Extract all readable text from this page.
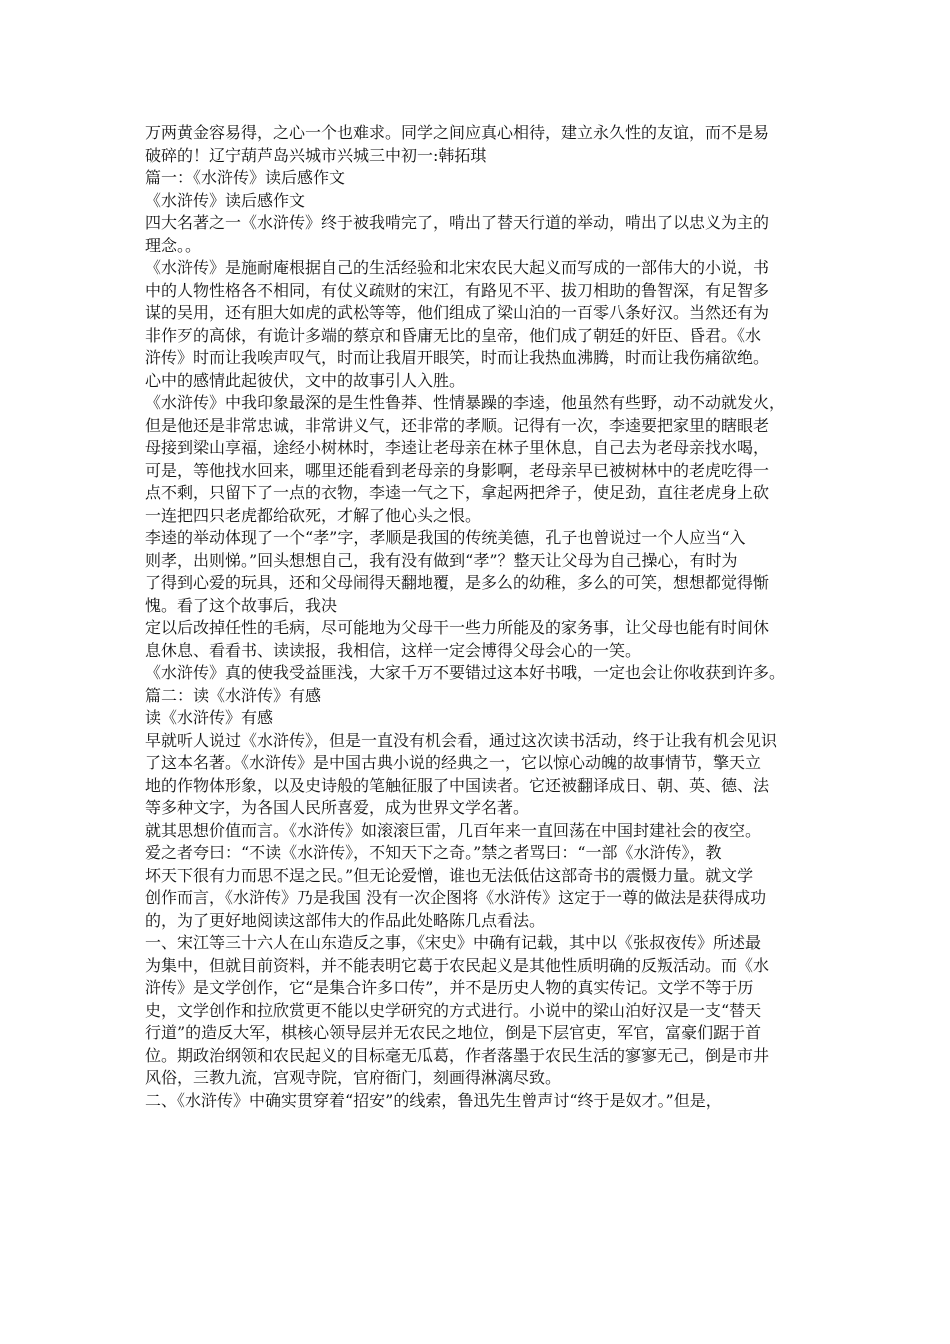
万两黄金容易得，之心一个也难求。同学之间应真心相待，建立永久性的友谊，而不是易
破碎的！辽宁葫芦岛兴城市兴城三中初一:韩拓琪
篇一：《水浒传》读后感作文
《水浒传》读后感作文
四大名著之一《水浒传》终于被我啃完了，啃出了替天行道的举动，啃出了以忠义为主的
理念。。
《水浒传》是施耐庵根据自己的生活经验和北宋农民大起义而写成的一部伟大的小说，书
中的人物性格各不相同，有仗义疏财的宋江，有路见不平、拔刀相助的鲁智深，有足智多
谋的吴用，还有胆大如虎的武松等等，他们组成了梁山泊的一百零八条好汉。当然还有为
非作歹的高俅，有诡计多端的蔡京和昏庸无比的皇帝，他们成了朝廷的奸臣、昏君。《水
浒传》时而让我唉声叹气，时而让我眉开眼笑，时而让我热血沸腾，时而让我伤痛欲绝。
心中的感情此起彼伏，文中的故事引人入胜。
《水浒传》中我印象最深的是生性鲁莽、性情暴躁的李逵，他虽然有些野，动不动就发火，
但是他还是非常忠诚，非常讲义气，还非常的孝顺。记得有一次，李逵要把家里的瞎眼老
母接到梁山享福，途经小树林时，李逵让老母亲在林子里休息，自己去为老母亲找水喝，
可是，等他找水回来，哪里还能看到老母亲的身影啊，老母亲早已被树林中的老虎吃得一
点不剩，只留下了一点的衣物，李逵一气之下，拿起两把斧子，使足劲，直往老虎身上砍
一连把四只老虎都给砍死，才解了他心头之恨。
李逵的举动体现了一个“孝”字，孝顺是我国的传统美德，孔子也曾说过一个人应当“入
则孝，出则悌。”回头想想自己，我有没有做到“孝”？整天让父母为自己操心，有时为
了得到心爱的玩具，还和父母闹得天翻地覆，是多么的幼稚，多么的可笑，想想都觉得惭
愧。看了这个故事后，我决
定以后改掉任性的毛病，尽可能地为父母干一些力所能及的家务事，让父母也能有时间休
息休息、看看书、读读报，我相信，这样一定会博得父母会心的一笑。
《水浒传》真的使我受益匪浅，大家千万不要错过这本好书哦，一定也会让你收获到许多。
篇二：读《水浒传》有感
读《水浒传》有感
早就听人说过《水浒传》，但是一直没有机会看，通过这次读书活动，终于让我有机会见识
了这本名著。《水浒传》是中国古典小说的经典之一，它以惊心动魄的故事情节，擎天立
地的作物体形象，以及史诗般的笔触征服了中国读者。它还被翻译成日、朝、英、德、法
等多种文字，为各国人民所喜爱，成为世界文学名著。
就其思想价值而言。《水浒传》如滚滚巨雷，几百年来一直回荡在中国封建社会的夜空。
爱之者夸曰：“不读《水浒传》，不知天下之奇。”禁之者骂曰：“一部《水浒传》，教
坏天下很有力而思不逞之民。”但无论爱憎，谁也无法低估这部奇书的震慑力量。就文学
创作而言，《水浒传》乃是我国 没有一次企图将《水浒传》这定于一尊的做法是获得成功
的，为了更好地阅读这部伟大的作品此处略陈几点看法。
一、宋江等三十六人在山东造反之事，《宋史》中确有记载，其中以《张叔夜传》所述最
为集中，但就目前资料，并不能表明它葛于农民起义是其他性质明确的反叛活动。而《水
浒传》是文学创作，它“是集合许多口传”，并不是历史人物的真实传记。文学不等于历
史，文学创作和拉欣赏更不能以史学研究的方式进行。小说中的梁山泊好汉是一支“替天
行道”的造反大军，棋核心领导层并无农民之地位，倒是下层官吏，军官，富豪们踞于首
位。期政治纲领和农民起义的目标毫无瓜葛，作者落墨于农民生活的寥寥无己，倒是市井
风俗，三教九流，宫观寺院，官府衙门，刻画得淋漓尽致。
二、《水浒传》中确实贯穿着“招安”的线索，鲁迅先生曾声讨“终于是奴才。”但是，
